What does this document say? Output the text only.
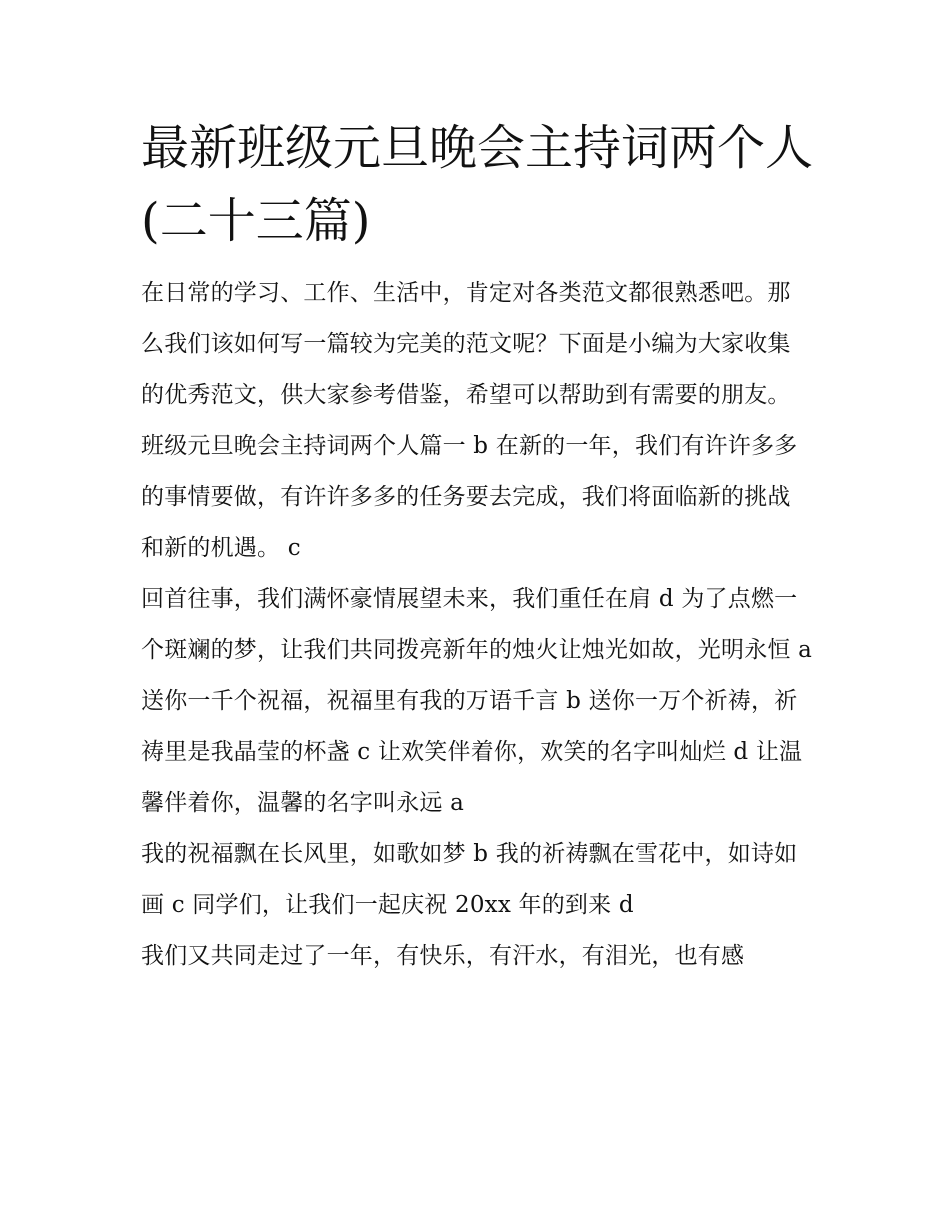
最新班级元旦晚会主持词两个人(二十三篇)

在日常的学习、工作、生活中，肯定对各类范文都很熟悉吧。那么我们该如何写一篇较为完美的范文呢？下面是小编为大家收集的优秀范文，供大家参考借鉴，希望可以帮助到有需要的朋友。

班级元旦晚会主持词两个人篇一 b 在新的一年，我们有许许多多的事情要做，有许许多多的任务要去完成，我们将面临新的挑战和新的机遇。 c

回首往事，我们满怀豪情展望未来，我们重任在肩 d 为了点燃一个斑斓的梦，让我们共同拨亮新年的烛火让烛光如故，光明永恒 a

送你一千个祝福，祝福里有我的万语千言 b 送你一万个祈祷，祈祷里是我晶莹的杯盏 c 让欢笑伴着你，欢笑的名字叫灿烂 d 让温馨伴着你，温馨的名字叫永远 a

我的祝福飘在长风里，如歌如梦 b 我的祈祷飘在雪花中，如诗如画 c 同学们，让我们一起庆祝 20xx 年的到来 d

我们又共同走过了一年，有快乐，有汗水，有泪光，也有感
